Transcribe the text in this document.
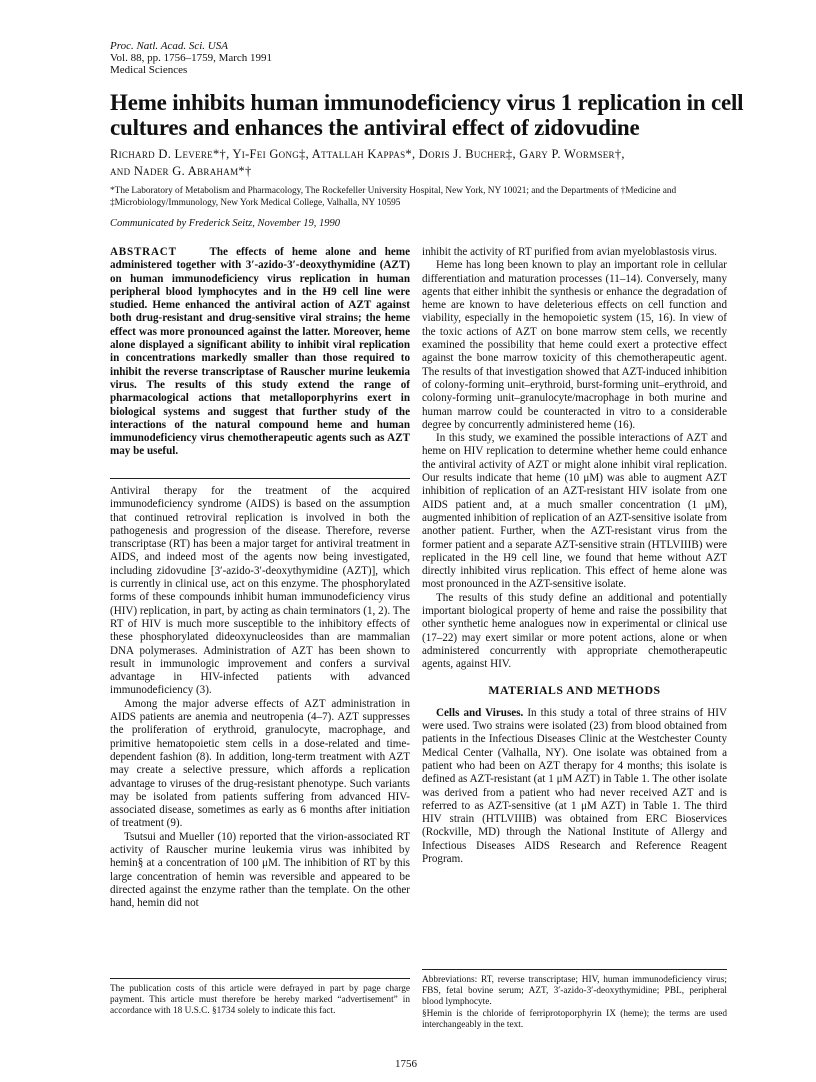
Proc. Natl. Acad. Sci. USA
Vol. 88, pp. 1756–1759, March 1991
Medical Sciences
Heme inhibits human immunodeficiency virus 1 replication in cell cultures and enhances the antiviral effect of zidovudine
Richard D. Levere*†, Yi-Fei Gong‡, Attallah Kappas*, Doris J. Bucher‡, Gary P. Wormser†,
and Nader G. Abraham*†
*The Laboratory of Metabolism and Pharmacology, The Rockefeller University Hospital, New York, NY 10021; and the Departments of †Medicine and ‡Microbiology/Immunology, New York Medical College, Valhalla, NY 10595
Communicated by Frederick Seitz, November 19, 1990

ABSTRACT	The effects of heme alone and heme administered together with 3′-azido-3′-deoxythymidine (AZT) on human immunodeficiency virus replication in human peripheral blood lymphocytes and in the H9 cell line were studied. Heme enhanced the antiviral action of AZT against both drug-resistant and drug-sensitive viral strains; the heme effect was more pronounced against the latter. Moreover, heme alone displayed a significant ability to inhibit viral replication in concentrations markedly smaller than those required to inhibit the reverse transcriptase of Rauscher murine leukemia virus. The results of this study extend the range of pharmacological actions that metalloporphyrins exert in biological systems and suggest that further study of the interactions of the natural compound heme and human immunodeficiency virus chemotherapeutic agents such as AZT may be useful.

Antiviral therapy for the treatment of the acquired immunodeficiency syndrome (AIDS) is based on the assumption that continued retroviral replication is involved in both the pathogenesis and progression of the disease. Therefore, reverse transcriptase (RT) has been a major target for antiviral treatment in AIDS, and indeed most of the agents now being investigated, including zidovudine [3′-azido-3′-deoxythymidine (AZT)], which is currently in clinical use, act on this enzyme. The phosphorylated forms of these compounds inhibit human immunodeficiency virus (HIV) replication, in part, by acting as chain terminators (1, 2). The RT of HIV is much more susceptible to the inhibitory effects of these phosphorylated dideoxynucleosides than are mammalian DNA polymerases. Administration of AZT has been shown to result in immunologic improvement and confers a survival advantage in HIV-infected patients with advanced immunodeficiency (3).

Among the major adverse effects of AZT administration in AIDS patients are anemia and neutropenia (4–7). AZT suppresses the proliferation of erythroid, granulocyte, macrophage, and primitive hematopoietic stem cells in a dose-related and time-dependent fashion (8). In addition, long-term treatment with AZT may create a selective pressure, which affords a replication advantage to viruses of the drug-resistant phenotype. Such variants may be isolated from patients suffering from advanced HIV-associated disease, sometimes as early as 6 months after initiation of treatment (9).

Tsutsui and Mueller (10) reported that the virion-associated RT activity of Rauscher murine leukemia virus was inhibited by hemin§ at a concentration of 100 μM. The inhibition of RT by this large concentration of hemin was reversible and appeared to be directed against the enzyme rather than the template. On the other hand, hemin did not

The publication costs of this article were defrayed in part by page charge payment. This article must therefore be hereby marked “advertisement” in accordance with 18 U.S.C. §1734 solely to indicate this fact.

inhibit the activity of RT purified from avian myeloblastosis virus.

Heme has long been known to play an important role in cellular differentiation and maturation processes (11–14). Conversely, many agents that either inhibit the synthesis or enhance the degradation of heme are known to have deleterious effects on cell function and viability, especially in the hemopoietic system (15, 16). In view of the toxic actions of AZT on bone marrow stem cells, we recently examined the possibility that heme could exert a protective effect against the bone marrow toxicity of this chemotherapeutic agent. The results of that investigation showed that AZT-induced inhibition of colony-forming unit–erythroid, burst-forming unit–erythroid, and colony-forming unit–granulocyte/macrophage in both murine and human marrow could be counteracted in vitro to a considerable degree by concurrently administered heme (16).

In this study, we examined the possible interactions of AZT and heme on HIV replication to determine whether heme could enhance the antiviral activity of AZT or might alone inhibit viral replication. Our results indicate that heme (10 μM) was able to augment AZT inhibition of replication of an AZT-resistant HIV isolate from one AIDS patient and, at a much smaller concentration (1 μM), augmented inhibition of replication of an AZT-sensitive isolate from another patient. Further, when the AZT-resistant virus from the former patient and a separate AZT-sensitive strain (HTLVIIIB) were replicated in the H9 cell line, we found that heme without AZT directly inhibited virus replication. This effect of heme alone was most pronounced in the AZT-sensitive isolate.

The results of this study define an additional and potentially important biological property of heme and raise the possibility that other synthetic heme analogues now in experimental or clinical use (17–22) may exert similar or more potent actions, alone or when administered concurrently with appropriate chemotherapeutic agents, against HIV.

MATERIALS AND METHODS

Cells and Viruses. In this study a total of three strains of HIV were used. Two strains were isolated (23) from blood obtained from patients in the Infectious Diseases Clinic at the Westchester County Medical Center (Valhalla, NY). One isolate was obtained from a patient who had been on AZT therapy for 4 months; this isolate is defined as AZT-resistant (at 1 μM AZT) in Table 1. The other isolate was derived from a patient who had never received AZT and is referred to as AZT-sensitive (at 1 μM AZT) in Table 1. The third HIV strain (HTLVIIIB) was obtained from ERC Bioservices (Rockville, MD) through the National Institute of Allergy and Infectious Diseases AIDS Research and Reference Reagent Program.

Abbreviations: RT, reverse transcriptase; HIV, human immunodeficiency virus; FBS, fetal bovine serum; AZT, 3′-azido-3′-deoxythymidine; PBL, peripheral blood lymphocyte.
§Hemin is the chloride of ferriprotoporphyrin IX (heme); the terms are used interchangeably in the text.
1756
